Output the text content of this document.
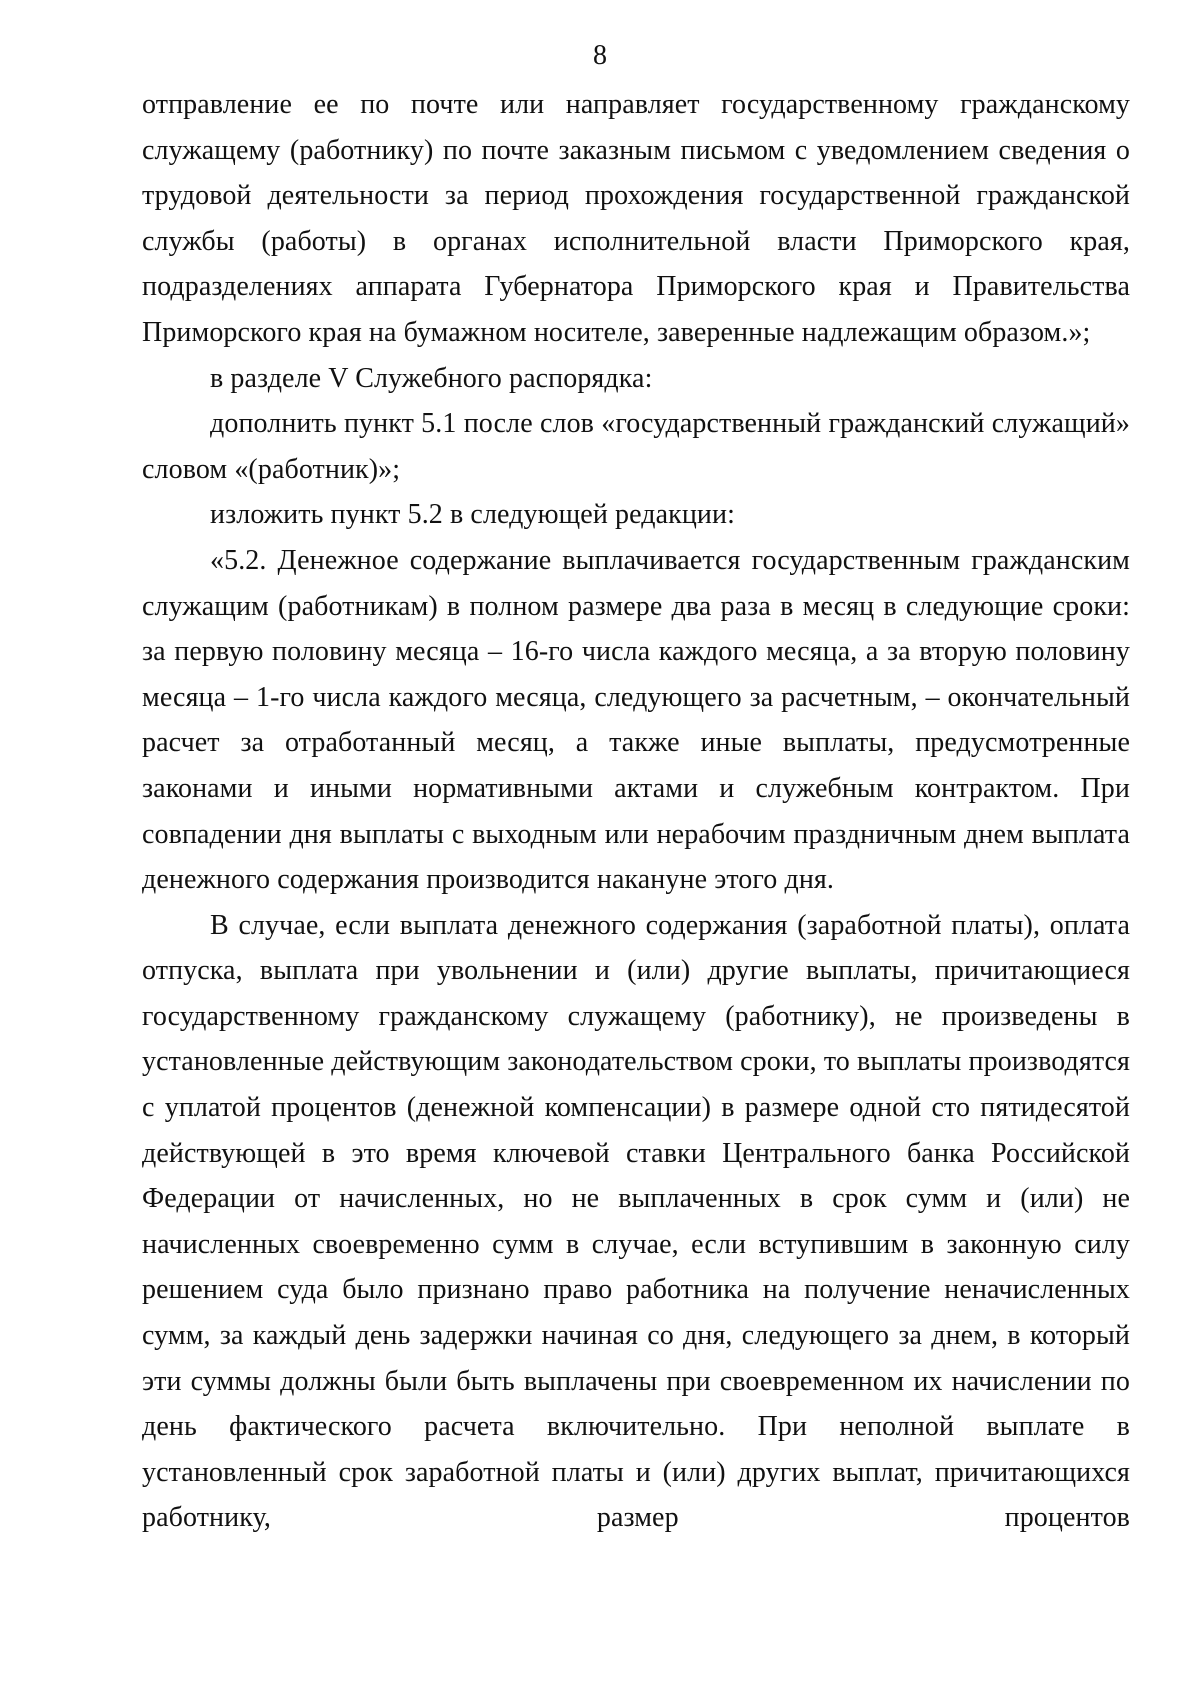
8

отправление ее по почте или направляет государственному гражданскому служащему (работнику) по почте заказным письмом с уведомлением сведения о трудовой деятельности за период прохождения государственной гражданской службы (работы) в органах исполнительной власти Приморского края, подразделениях аппарата Губернатора Приморского края и Правительства Приморского края на бумажном носителе, заверенные надлежащим образом.»;

в разделе V Служебного распорядка:

дополнить пункт 5.1 после слов «государственный гражданский служащий» словом «(работник)»;

изложить пункт 5.2 в следующей редакции:

«5.2. Денежное содержание выплачивается государственным гражданским служащим (работникам) в полном размере два раза в месяц в следующие сроки: за первую половину месяца – 16-го числа каждого месяца, а за вторую половину месяца – 1-го числа каждого месяца, следующего за расчетным, – окончательный расчет за отработанный месяц, а также иные выплаты, предусмотренные законами и иными нормативными актами и служебным контрактом. При совпадении дня выплаты с выходным или нерабочим праздничным днем выплата денежного содержания производится накануне этого дня.

В случае, если выплата денежного содержания (заработной платы), оплата отпуска, выплата при увольнении и (или) другие выплаты, причитающиеся государственному гражданскому служащему (работнику), не произведены в установленные действующим законодательством сроки, то выплаты производятся с уплатой процентов (денежной компенсации) в размере одной сто пятидесятой действующей в это время ключевой ставки Центрального банка Российской Федерации от начисленных, но не выплаченных в срок сумм и (или) не начисленных своевременно сумм в случае, если вступившим в законную силу решением суда было признано право работника на получение неначисленных сумм, за каждый день задержки начиная со дня, следующего за днем, в который эти суммы должны были быть выплачены при своевременном их начислении по день фактического расчета включительно. При неполной выплате в установленный срок заработной платы и (или) других выплат, причитающихся работнику, размер процентов
